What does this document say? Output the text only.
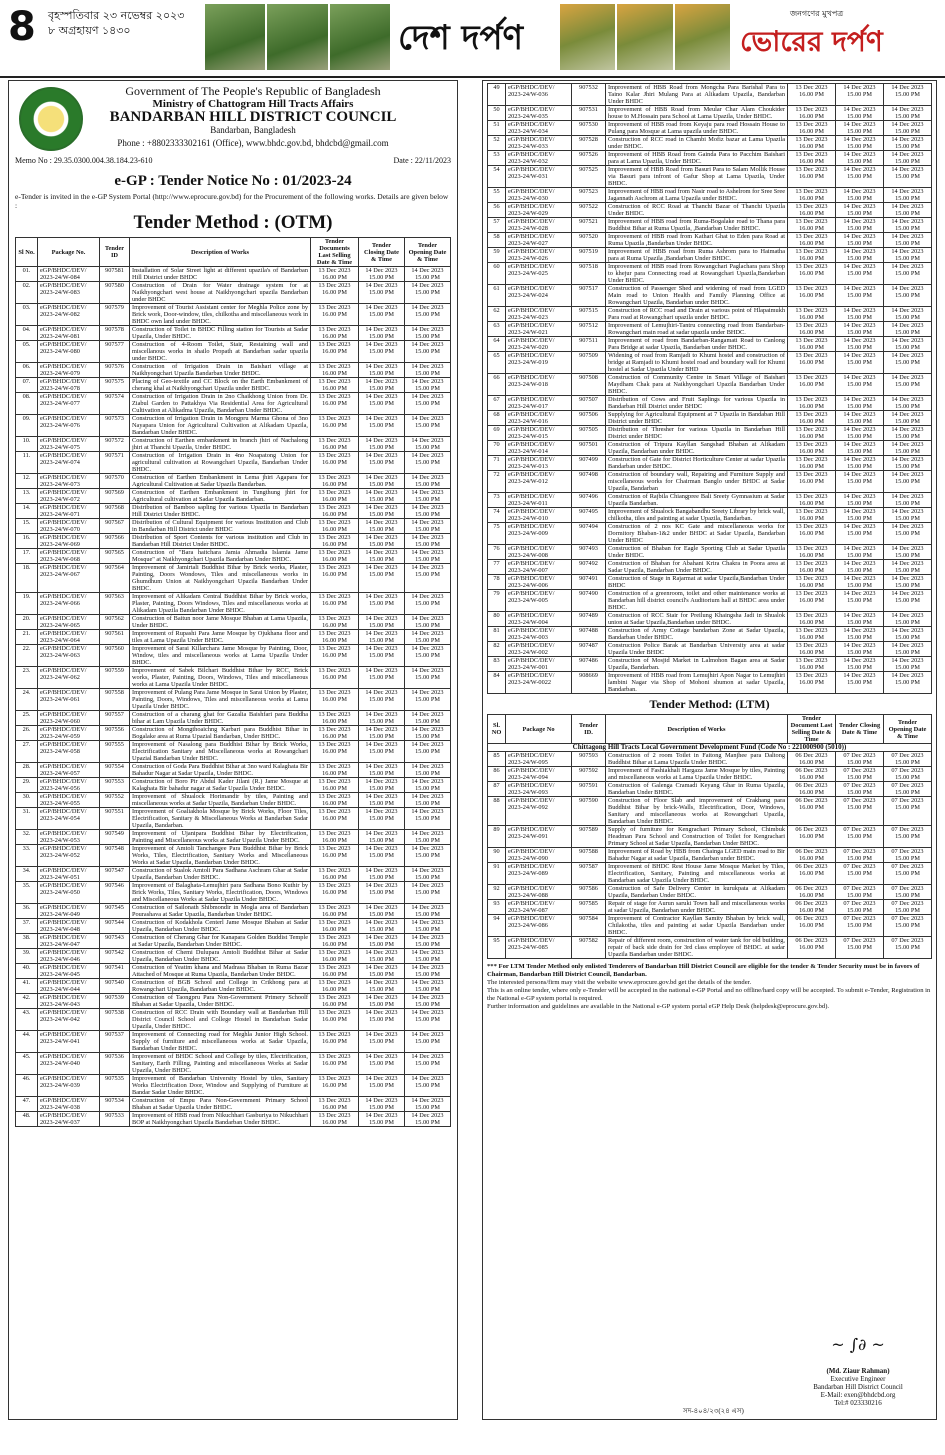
8	বৃহস্পতিবার ২৩ নভেম্বর ২০২৩
৮ অগ্রহায়ণ ১৪৩০	দেশ দর্পণ
জনগণের মুখপত্র
ভোরের দর্পণ
Government of The People's Republic of Bangladesh
Ministry of Chattogram Hill Tracts Affairs
BANDARBAN HILL DISTRICT COUNCIL
Bandarban, Bangladesh
Phone : +8802333302161 (Office), www.bhdc.gov.bd, bhdcbd@gmail.com
Memo No : 29.35.0300.004.38.184.23-610	Date : 22/11/2023
e-GP : Tender Notice No : 01/2023-24
e-Tender is invited in the e-GP System Portal (http://www.eprocure.gov.bd) for the Procurement of the following works. Details are given below :
Tender Method : (OTM)
Sl No.	Package No.	Tender ID	Description of Works	Tender Documents Last Selling Date & Time	Tender Closing Date & Time	Tender Opening Date & Time
01.	eGP/BHDC/DEV/ 2023-24/W-084	907581	Installation of Solar Street light at different upazila's of Bandarban Hill District under BHDC	13 Dec 2023 16.00 PM	14 Dec 2023 15.00 PM	14 Dec 2023 15.00 PM
02.	eGP/BHDC/DEV/ 2023-24/W-083	907580	Construction of Drain for Water drainage system for at Naikhyongchari west house at Naikhyongchari upazila Bandarban under BHDC	13 Dec 2023 16.00 PM	14 Dec 2023 15.00 PM	14 Dec 2023 15.00 PM
03.	eGP/BHDC/DEV/ 2023-24/W-082	907579	Improvement of Tourist Assistant center for Meghla Police zone by Brick work, Door-window, tiles, chilkotha and miscellaneous work in BHDC own land under BHDC.	13 Dec 2023 16.00 PM	14 Dec 2023 15.00 PM	14 Dec 2023 15.00 PM
04.	eGP/BHDC/DEV/ 2023-24/W-081	907578	Construction of Toilet in BHDC Filling station for Tourists at Sadar Upazila, Under BHDC.	13 Dec 2023 16.00 PM	14 Dec 2023 15.00 PM	14 Dec 2023 15.00 PM
05.	eGP/BHDC/DEV/ 2023-24/W-080	907577	Construction of 4-Room Toilet, Stair, Restaining wall and miscellanous works in shailo Propath at Bandarban sadar upazila under BHDC.	13 Dec 2023 16.00 PM	14 Dec 2023 15.00 PM	14 Dec 2023 15.00 PM
06.	eGP/BHDC/DEV/ 2023-24/W-079	907576	Construction of Irrigation Drain in Baishari village at Naikhyongchari Upazila Bandarban Under BHDC.	13 Dec 2023 16.00 PM	14 Dec 2023 15.00 PM	14 Dec 2023 15.00 PM
07.	eGP/BHDC/DEV/ 2023-24/W-078	907575	Placing of Geo-textile and CC Block on the Earth Embankment of cherang khal at Naikhyongchari Upazila under BHDC.	13 Dec 2023 16.00 PM	14 Dec 2023 15.00 PM	14 Dec 2023 15.00 PM
08.	eGP/BHDC/DEV/ 2023-24/W-077	907574	Construction of Irrigation Drain in 2no Chaikhong Union from Dr. Ziabul Garden to Pattakhya Via Residential Area for Agricultural Cultivation at Alikadma Upazila, Bandarban Under BHDC.	13 Dec 2023 16.00 PM	14 Dec 2023 15.00 PM	14 Dec 2023 15.00 PM
09.	eGP/BHDC/DEV/ 2023-24/W-076	907573	Construction of Irrigation Drain in Mongpru Marma Ghona of 3no Nayapara Union for Agricultural Cultivation at Alikadam Upazila, Bandarban Under BHDC.	13 Dec 2023 16.00 PM	14 Dec 2023 15.00 PM	14 Dec 2023 15.00 PM
10.	eGP/BHDC/DEV/ 2023-24/W-075	907572	Construction of Earthen embankment in branch jhiri of Nachalong jhiri at Thanchi Upazila, Under BHDC.	13 Dec 2023 16.00 PM	14 Dec 2023 15.00 PM	14 Dec 2023 15.00 PM
11.	eGP/BHDC/DEV/ 2023-24/W-074	907571	Construction of Irrigation Drain in 4no Noapatong Union for agricultural cultivation at Rowangchari Upazila, Bandarban Under BHDC.	13 Dec 2023 16.00 PM	14 Dec 2023 15.00 PM	14 Dec 2023 15.00 PM
12.	eGP/BHDC/DEV/ 2023-24/W-073	907570	Construction of Earthen Embankment in Lema jhiri Agapara for Agricultural Cultivation at Sadar Upazila Bandarban.	13 Dec 2023 16.00 PM	14 Dec 2023 15.00 PM	14 Dec 2023 15.00 PM
13.	eGP/BHDC/DEV/ 2023-24/W-072	907569	Construction of Earthen Embankment in Tungthung jhiri for Agricultural cultivation at Sadar Upazila Bandarban.	13 Dec 2023 16.00 PM	14 Dec 2023 15.00 PM	14 Dec 2023 15.00 PM
14.	eGP/BHDC/DEV/ 2023-24/W-071	907568	Distribution of Bamboo sapling for various Upazila in Bandarban Hill District Under BHDC.	13 Dec 2023 16.00 PM	14 Dec 2023 15.00 PM	14 Dec 2023 15.00 PM
15.	eGP/BHDC/DEV/ 2023-24/W-070	907567	Distribution of Cultural Equipment for various Institution and Club in Bandarban Hill District under BHDC	13 Dec 2023 16.00 PM	14 Dec 2023 15.00 PM	14 Dec 2023 15.00 PM
16.	eGP/BHDC/DEV/ 2023-24/W-069	907566	Distribution of Sport Contents for various institution and Club in Bandarban Hill District Under BHDC.	13 Dec 2023 16.00 PM	14 Dec 2023 15.00 PM	14 Dec 2023 15.00 PM
17.	eGP/BHDC/DEV/ 2023-24/W-068	907565	Construction of "Bara haitchara Jamia Ahmadia Islamia Jame Mosque" at Naikhyongchari Upazila Bandarban Under BHDC.	13 Dec 2023 16.00 PM	14 Dec 2023 15.00 PM	14 Dec 2023 15.00 PM
18.	eGP/BHDC/DEV/ 2023-24/W-067	907564	Improvement of Jamirtali Buddhist Bihar by Brick works, Plaster, Painting, Doors Wondows, Tiles and miscellaneous works in Ghumdhum Union at Naikhyongchari Upazila Bandarban Under BHDC.	13 Dec 2023 16.00 PM	14 Dec 2023 15.00 PM	14 Dec 2023 15.00 PM
19.	eGP/BHDC/DEV/ 2023-24/W-066	907563	Improvement of Alikadam Central Buddhist Bihar by Brick works, Plaster, Painting, Doors Windows, Tiles and miscellaneous works at Alikadam Upazila Bandarban Under BHDC.	13 Dec 2023 16.00 PM	14 Dec 2023 15.00 PM	14 Dec 2023 15.00 PM
20.	eGP/BHDC/DEV/ 2023-24/W-065	907562	Construction of Baitun noor Jame Mosque Bhaban at Lama Upazila, Under BHDC.	13 Dec 2023 16.00 PM	14 Dec 2023 15.00 PM	14 Dec 2023 15.00 PM
21.	eGP/BHDC/DEV/ 2023-24/W-064	907561	Improvement of Rupashi Para Jame Mosque by Ojukhana floor and tiles at Lama Upazila Under BHDC.	13 Dec 2023 16.00 PM	14 Dec 2023 15.00 PM	14 Dec 2023 15.00 PM
22.	eGP/BHDC/DEV/ 2023-24/W-063	907560	Improvement of Sarai Killarchara Jame Mosque by Painting, Door, Window, tiles and miscellaneous works at Lama Upazila Under BHDC.	13 Dec 2023 16.00 PM	14 Dec 2023 15.00 PM	14 Dec 2023 15.00 PM
23.	eGP/BHDC/DEV/ 2023-24/W-062	907559	Improvement of Sabek Bilchari Buddhist Bihar by RCC, Brick works, Plaster, Painting, Doors, Windows, Tiles and miscellaneous works at Lama Upazila Under BHDC.	13 Dec 2023 16.00 PM	14 Dec 2023 15.00 PM	14 Dec 2023 15.00 PM
24.	eGP/BHDC/DEV/ 2023-24/W-061	907558	Improvement of Pulang Para Jame Mosque in Sarai Union by Plaster, Painting, Doors, Windows, Tiles and miscellaneous works at Lama Upazila Under BHDC.	13 Dec 2023 16.00 PM	14 Dec 2023 15.00 PM	14 Dec 2023 15.00 PM
25.	eGP/BHDC/DEV/ 2023-24/W-060	907557	Construction of a charang ghat for Gazalia Baishfari para Buddha bihar at Lam Upazila Under BHDC.	13 Dec 2023 16.00 PM	14 Dec 2023 15.00 PM	14 Dec 2023 15.00 PM
26.	eGP/BHDC/DEV/ 2023-24/W-059	907556	Construction of Mongthoaichng Karbari para Buddhist Bihar in Bogalake area at Ruma Upazial Bandarban, Under BHDC.	13 Dec 2023 16.00 PM	14 Dec 2023 15.00 PM	14 Dec 2023 15.00 PM
27.	eGP/BHDC/DEV/ 2023-24/W-058	907555	Improvement of Nasalong para Buddhist Bihar by Brick Works, Electrification Sanitary and Miscellaneous works at Rowangchari Upazial Bandarban Under BHDC.	13 Dec 2023 16.00 PM	14 Dec 2023 15.00 PM	14 Dec 2023 15.00 PM
28.	eGP/BHDC/DEV/ 2023-24/W-057	907554	Construction of Goda Para Buddhist Bihar at 3no ward Kalaghata Bir Bahadur Nagar at Sadar Upazila, Under BHDC.	13 Dec 2023 16.00 PM	14 Dec 2023 15.00 PM	14 Dec 2023 15.00 PM
29.	eGP/BHDC/DEV/ 2023-24/W-056	907553	Construction of Boro Pir Abdul Kader Jilani (R.) Jame Mosque at Kalaghata Bir bahadur nagar at Sadar Upazila Under BHDC.	13 Dec 2023 16.00 PM	14 Dec 2023 15.00 PM	14 Dec 2023 15.00 PM
30.	eGP/BHDC/DEV/ 2023-24/W-055	907552	Improvement of Shualock Horimandir by tiles, Painting and miscellaneous works at Sadar Upazila, Bandarban Under BHDC.	13 Dec 2023 16.00 PM	14 Dec 2023 15.00 PM	14 Dec 2023 15.00 PM
31.	eGP/BHDC/DEV/ 2023-24/W-054	907551	Improvement of Goaliakhola Mosque by Brick Works, Floor Tiles, Electrification, Sanitary & Miscellaneous Works at Bandarban Sadar Upazila, Bandarban.	13 Dec 2023 16.00 PM	14 Dec 2023 15.00 PM	14 Dec 2023 15.00 PM
32.	eGP/BHDC/DEV/ 2023-24/W-053	907549	Improvement of Ujanipara Buddhist Bihar by Electrification, Painting and Miscellaneous works at Sadar Upazila Under BHDC.	13 Dec 2023 16.00 PM	14 Dec 2023 15.00 PM	14 Dec 2023 15.00 PM
33.	eGP/BHDC/DEV/ 2023-24/W-052	907548	Improvement of Amtoli Tanchangee Para Buddhist Bihar by Brick Works, Tiles, Electrification, Sanitary Works and Miscellaneous Works at Sadar Upazila, Bandarban Under BHDC.	13 Dec 2023 16.00 PM	14 Dec 2023 15.00 PM	14 Dec 2023 15.00 PM
34.	eGP/BHDC/DEV/ 2023-24/W-051	907547	Construction of Sualok Amtoli Para Sadhana Aschram Ghar at Sadar Upazila, Bandarban Under BHDC.	13 Dec 2023 16.00 PM	14 Dec 2023 15.00 PM	14 Dec 2023 15.00 PM
35.	eGP/BHDC/DEV/ 2023-24/W-050	907546	Improvement of Balaghata-Lemujhiri para Sadhana Bono Kuthir by Brick Works, Tiles, Sanitary Works, Electrification, Doors, Windows and Miscellaneous Works at Sadar Upazila Under BHDC.	13 Dec 2023 16.00 PM	14 Dec 2023 15.00 PM	14 Dec 2023 15.00 PM
36.	eGP/BHDC/DEV/ 2023-24/W-049	907545	Construction of Sailonath Shibmondir in Mogla area of Bandarban Pourashava at Sadar Upazila, Bandarban Under BHDC.	13 Dec 2023 16.00 PM	14 Dec 2023 15.00 PM	14 Dec 2023 15.00 PM
37.	eGP/BHDC/DEV/ 2023-24/W-048	907544	Construction of Kodakhola Centerl Jame Mosque Bhaban at Sadar Upazila, Bandarban Under BHDC.	13 Dec 2023 16.00 PM	14 Dec 2023 15.00 PM	14 Dec 2023 15.00 PM
38.	eGP/BHDC/DEV/ 2023-24/W-047	907543	Construction of Cherang Ghar for Kanapara Golden Buddist Temple at Sadar Upazila, Bandarban Under BHDC.	13 Dec 2023 16.00 PM	14 Dec 2023 15.00 PM	14 Dec 2023 15.00 PM
39.	eGP/BHDC/DEV/ 2023-24/W-046	907542	Construction of Chemi Dulupara Amtoli Buddhist Bihar at Sadar Upazila, Bandarban Under BHDC.	13 Dec 2023 16.00 PM	14 Dec 2023 15.00 PM	14 Dec 2023 15.00 PM
40.	eGP/BHDC/DEV/ 2023-24/W-045	907541	Construction of Yeatim khana and Madrasa Bhaban in Ruma Bazar Attached of Mosque at Ruma Upazila, Bandarban Under BHDC.	13 Dec 2023 16.00 PM	14 Dec 2023 15.00 PM	14 Dec 2023 15.00 PM
41.	eGP/BHDC/DEV/ 2023-24/W-044	907540	Construction of BGB School and College in Crikhong para at Rowangchari Upazila, Bandarban Under BHDC.	13 Dec 2023 16.00 PM	14 Dec 2023 15.00 PM	14 Dec 2023 15.00 PM
42.	eGP/BHDC/DEV/ 2023-24/W-043	907539	Construction of Taongpru Para Non-Government Primery Schoolf Bhaban at Sadar Upazila, Under BHDC.	13 Dec 2023 16.00 PM	14 Dec 2023 15.00 PM	14 Dec 2023 15.00 PM
43.	eGP/BHDC/DEV/ 2023-24/W-042	907538	Construction of RCC Drain with Boundary wall at Bandarban Hill District Council School and College Hostel in Bandarban Sadar Upazila, Under BHDC.	13 Dec 2023 16.00 PM	14 Dec 2023 15.00 PM	14 Dec 2023 15.00 PM
44.	eGP/BHDC/DEV/ 2023-24/W-041	907537	Improvement of Connecting road for Meghla Junior High School. Supply of furniture and miscellaneous works at Sadar Upazila, Bandarban Under BHDC.	13 Dec 2023 16.00 PM	14 Dec 2023 15.00 PM	14 Dec 2023 15.00 PM
45.	eGP/BHDC/DEV/ 2023-24/W-040	907536	Improvement of BHDC School and College by tiles, Electrification, Sanitary, Earth Filling, Painting and miscellaneous Works at Sadar Upazila, Under BHDC.	13 Dec 2023 16.00 PM	14 Dec 2023 15.00 PM	14 Dec 2023 15.00 PM
46.	eGP/BHDC/DEV/ 2023-24/W-039	907535	Improvement of Bandarban University Hostel by tiles, Sanitary Works Electrification Door, Window and Supplying of Furniture at Bandar Sadar Under BHDC.	13 Dec 2023 16.00 PM	14 Dec 2023 15.00 PM	14 Dec 2023 15.00 PM
47.	eGP/BHDC/DEV/ 2023-24/W-038	907534	Construction of Empu Para Non-Government Primary School Bhaban at Sadar Upazila Under BHDC.	13 Dec 2023 16.00 PM	14 Dec 2023 15.00 PM	14 Dec 2023 15.00 PM
48.	eGP/BHDC/DEV/ 2023-24/W-037	907533	Improvement of HBB road from Nikuchhari Gasburiya to Nikuchhari BOP at Naikhyongchari Upazila Bandarban Under BHDC.	13 Dec 2023 16.00 PM	14 Dec 2023 15.00 PM	14 Dec 2023 15.00 PM
49	eGP/BHDC/DEV/ 2023-24/W-036	907532	Improvement of HBB Road from Mongcha Para Barishal Para to Taino Kalar Jhiri Mulang Para at Alikadam Upazila, Bandarban Under BHDC	13 Dec 2023 16.00 PM	14 Dec 2023 15.00 PM	14 Dec 2023 15.00 PM
50	eGP/BHDC/DEV/ 2023-24/W-035	907531	Improvement of HBB Road from Meular Char Alam Choukider house to M.Hossain para School at Lama Upazila, Under BHDC.	13 Dec 2023 16.00 PM	14 Dec 2023 15.00 PM	14 Dec 2023 15.00 PM
51	eGP/BHDC/DEV/ 2023-24/W-034	907530	Improvement of HBB road from Keyaju para road Hossain House to Pulang para Mosque at Lama upazila under BHDC.	13 Dec 2023 16.00 PM	14 Dec 2023 15.00 PM	14 Dec 2023 15.00 PM
52	eGP/BHDC/DEV/ 2023-24/W-033	907528	Construction of RCC road in Chambi Mofiz bazar at Lama Upazila under BHDC.	13 Dec 2023 16.00 PM	14 Dec 2023 15.00 PM	14 Dec 2023 15.00 PM
53	eGP/BHDC/DEV/ 2023-24/W-032	907526	Improvement of HBB Road from Gainda Para to Pacchim Baishari para at Lama Upazila, Under BHDC.	13 Dec 2023 16.00 PM	14 Dec 2023 15.00 PM	14 Dec 2023 15.00 PM
54	eGP/BHDC/DEV/ 2023-24/W-031	907525	Improvement of HBB Road from Basuri Para to Salam Mollik House via Basuri para infront of Gafur Shop at Lama Upazila, Under BHDC.	13 Dec 2023 16.00 PM	14 Dec 2023 15.00 PM	14 Dec 2023 15.00 PM
55	eGP/BHDC/DEV/ 2023-24/W-030	907523	Improvement of HBB road from Nasir road to Ashelrom for Sree Sree Jagannath Aschrom at Lama Upazila under BHDC.	13 Dec 2023 16.00 PM	14 Dec 2023 15.00 PM	14 Dec 2023 15.00 PM
56	eGP/BHDC/DEV/ 2023-24/W-029	907522	Construction of RCC Road at Thanchi Bazar of Thanchi Upazila Under BHDC.	13 Dec 2023 16.00 PM	14 Dec 2023 15.00 PM	14 Dec 2023 15.00 PM
57	eGP/BHDC/DEV/ 2023-24/W-028	907521	Improvement of HBB road from Ruma-Bogalake road to Thana para Buddhist Bihar at Ruma Upazila, ,Bandarban Under BHDC.	13 Dec 2023 16.00 PM	14 Dec 2023 15.00 PM	14 Dec 2023 15.00 PM
58	eGP/BHDC/DEV/ 2023-24/W-027	907520	Improvement of HBB road from Kathari Ghat to Eden para Road at Ruma Upazila ,Bandarban Under BHDC.	13 Dec 2023 16.00 PM	14 Dec 2023 15.00 PM	14 Dec 2023 15.00 PM
59	eGP/BHDC/DEV/ 2023-24/W-026	907519	Improvement of HBB road from Ruma Ashrom para to Haimatha para at Ruma Upazila ,Bandarban Under BHDC.	13 Dec 2023 16.00 PM	14 Dec 2023 15.00 PM	14 Dec 2023 15.00 PM
60	eGP/BHDC/DEV/ 2023-24/W-025	907518	Improvement of HBB road from Rowangchari Paglachara para Shop to khejur para Connecting road at Rowangchari Upazila,Bandarban Under BHDC.	13 Dec 2023 16.00 PM	14 Dec 2023 15.00 PM	14 Dec 2023 15.00 PM
61	eGP/BHDC/DEV/ 2023-24/W-024	907517	Construction of Passenger Shed and widening of road from LGED Main road to Union Health and Family Planning Office at Rowangchari Upazila, Bandarban under BHDC.	13 Dec 2023 16.00 PM	14 Dec 2023 15.00 PM	14 Dec 2023 15.00 PM
62	eGP/BHDC/DEV/ 2023-24/W-023	907515	Construction of RCC road and Drain at various point of Hlapaimukh Para road at Rowangchari upazila under BHDC.	13 Dec 2023 16.00 PM	14 Dec 2023 15.00 PM	14 Dec 2023 15.00 PM
63	eGP/BHDC/DEV/ 2023-24/W-021	907512	Improvement of Lemujhiri-Tantru connecting road from Bandarban-Rowangchari main road at sadar upazila under BHDC.	13 Dec 2023 16.00 PM	14 Dec 2023 15.00 PM	14 Dec 2023 15.00 PM
64	eGP/BHDC/DEV/ 2023-24/W-020	907511	Improvement of road from Bandarban-Rangamati Road to Canlong Para Bridge at sadar Upazila, Bandarban under BHDC.	13 Dec 2023 16.00 PM	14 Dec 2023 15.00 PM	14 Dec 2023 15.00 PM
65	eGP/BHDC/DEV/ 2023-24/W-019	907509	Widening of road from Ramjadi to Khumi hostel and construction of bridge at Ramjadi to Khumi hostel road and boundary wall for Khumi hostel at Sadar Upazila Under BHD	13 Dec 2023 16.00 PM	14 Dec 2023 15.00 PM	14 Dec 2023 15.00 PM
66	eGP/BHDC/DEV/ 2023-24/W-018	907508	Construction of Community Centre in Smart Village of Baishari Maydham Chak para at Naikhyongchari Upazila Bandarban Under BHDC.	13 Dec 2023 16.00 PM	14 Dec 2023 15.00 PM	14 Dec 2023 15.00 PM
67	eGP/BHDC/DEV/ 2023-24/W-017	907507	Distribution of Cows and Fruit Saplings for various Upazila in Bandarban Hill District under BHDC	13 Dec 2023 16.00 PM	14 Dec 2023 15.00 PM	14 Dec 2023 15.00 PM
68	eGP/BHDC/DEV/ 2023-24/W-016	907506	Supplying for Agricultural Equipment at 7 Upazila in Bandaban Hill District under BHDC	13 Dec 2023 16.00 PM	14 Dec 2023 15.00 PM	14 Dec 2023 15.00 PM
69	eGP/BHDC/DEV/ 2023-24/W-015	907505	Distribution of Thresher for various Upazila in Bandarban Hill District under BHDC	13 Dec 2023 16.00 PM	14 Dec 2023 15.00 PM	14 Dec 2023 15.00 PM
70	eGP/BHDC/DEV/ 2023-24/W-014	907501	Construction of Tripura Kayllan Sangshad Bhaban at Alikadam Upazila, Bandarban under BHDC.	13 Dec 2023 16.00 PM	14 Dec 2023 15.00 PM	14 Dec 2023 15.00 PM
71	eGP/BHDC/DEV/ 2023-24/W-013	907499	Construction of Gate for District Horticulture Center at sadar Upazila Bandarban under BHDC.	13 Dec 2023 16.00 PM	14 Dec 2023 15.00 PM	14 Dec 2023 15.00 PM
72	eGP/BHDC/DEV/ 2023-24/W-012	907498	Construction of boundary wall, Repairing and Furniture Supply and miscellaneous works for Chairman Banglo under BHDC at Sadar Upazila, Bandarban	13 Dec 2023 16.00 PM	14 Dec 2023 15.00 PM	14 Dec 2023 15.00 PM
73	eGP/BHDC/DEV/ 2023-24/W-011	907496	Construction of Rajbila Chiangpree Bali Sreety Gymnasium at Sadar Upazila Bandarban.	13 Dec 2023 16.00 PM	14 Dec 2023 15.00 PM	14 Dec 2023 15.00 PM
74	eGP/BHDC/DEV/ 2023-24/W-010	907495	Improvement of Shualock Bangabandhu Sreety Library by brick wall, chilkotha, tiles and painting at sadar Upazila, Bandarban.	13 Dec 2023 16.00 PM	14 Dec 2023 15.00 PM	14 Dec 2023 15.00 PM
75	eGP/BHDC/DEV/ 2023-24/W-009	907494	Construction of 2 nos KC Gate and miscellaneous works for Dormitory Bhaban-1&2 under BHDC at Sadar Upazila, Bandarban Under BHDC	13 Dec 2023 16.00 PM	14 Dec 2023 15.00 PM	14 Dec 2023 15.00 PM
76	eGP/BHDC/DEV/ 2023-24/W-008	907493	Construction of Bhaban for Eagle Sporting Club at Sadar Upazila Under BHDC.	13 Dec 2023 16.00 PM	14 Dec 2023 15.00 PM	14 Dec 2023 15.00 PM
77	eGP/BHDC/DEV/ 2023-24/W-007	907492	Construction of Bhaban for Abahani Krira Chakra in Poora area at Sadar Upazila, Bandarban Under BHDC.	13 Dec 2023 16.00 PM	14 Dec 2023 15.00 PM	14 Dec 2023 15.00 PM
78	eGP/BHDC/DEV/ 2023-24/W-006	907491	Construction of Stage in Rajarmat at sadar Upazila,Bandarban Under BHDC	13 Dec 2023 16.00 PM	14 Dec 2023 15.00 PM	14 Dec 2023 15.00 PM
79	eGP/BHDC/DEV/ 2023-24/W-005	907490	Construction of a greenroom, toilet and other maintenance works at Bandarban hill district council's Auditorium hall at BHDC area under BHDC.	13 Dec 2023 16.00 PM	14 Dec 2023 15.00 PM	14 Dec 2023 15.00 PM
80	eGP/BHDC/DEV/ 2023-24/W-004	907489	Construction of RCC Stair for Preilung Khaingsha Jadi in Shualok union at Sadar Upazila,Bandarban under BHDC.	13 Dec 2023 16.00 PM	14 Dec 2023 15.00 PM	14 Dec 2023 15.00 PM
81	eGP/BHDC/DEV/ 2023-24/W-003	907488	Construction of Army Cottage bandarban Zone at Sadar Upazila, Bandarban Under BHDC.	13 Dec 2023 16.00 PM	14 Dec 2023 15.00 PM	14 Dec 2023 15.00 PM
82	eGP/BHDC/DEV/ 2023-24/W-002	907487	Construction Police Barak at Bandarban University area at sadar Upazila Under BHDC	13 Dec 2023 16.00 PM	14 Dec 2023 15.00 PM	14 Dec 2023 15.00 PM
83	eGP/BHDC/DEV/ 2023-24/W-001	907486	Construction of Mosjid Market in Lalmohon Bagan area at Sadar Upazila, Bandarban.	13 Dec 2023 16.00 PM	14 Dec 2023 15.00 PM	14 Dec 2023 15.00 PM
84	eGP/BHDC/DEV/ 2023-24/W-0022	908669	Improvement of HBB road from Lemujhiri Apon Nagar to Lemujhiri lambini Nagar via Shop of Mohoni shumon at sadar Upazila, Bandarban.	13 Dec 2023 16.00 PM	14 Dec 2023 15.00 PM	14 Dec 2023 15.00 PM
Tender Method: (LTM)
Sl. NO	Package No	Tender ID.	Description of Works	Tender Document Last Selling Date & Time	Tender Closing Date & Time	Tender Opening Date & Time
Chittagong Hill Tracts Local Government Development Fund (Code No : 221000900 (5010))						
85	eGP/BHDC/DEV/ 2023-24/W-095	907593	Construction of 2 room Toilet in Faitong Manjhee para Daltong Buddhist Bihar at Lama Upazila Under BHDC.	06 Dec 2023 16.00 PM	07 Dec 2023 15.00 PM	07 Dec 2023 15.00 PM
86	eGP/BHDC/DEV/ 2023-24/W-094	907592	Improvement of Fashiakhali Hargaza Jame Mosque by tiles, Painting and miscellaneous works at Lama Upazila Under BHDC.	06 Dec 2023 16.00 PM	07 Dec 2023 15.00 PM	07 Dec 2023 15.00 PM
87	eGP/BHDC/DEV/ 2023-24/W-093	907591	Construction of Galenga Cramadi Keyang Ghar in Ruma Upazila, Bandarban Under BHDC.	06 Dec 2023 16.00 PM	07 Dec 2023 15.00 PM	07 Dec 2023 15.00 PM
88	eGP/BHDC/DEV/ 2023-24/W-092	907590	Construction of Floor Slab and improvement of Crakhang para Buddhist Bihar by brick-Walls, Electrification, Door, Windows, Sanitary and miscellaneous works at Rowangchari Upazila, Bandarban Under BHDC.	06 Dec 2023 16.00 PM	07 Dec 2023 15.00 PM	07 Dec 2023 15.00 PM
89	eGP/BHDC/DEV/ 2023-24/W-091	907589	Supply of furniture for Kengrachari Primary School, Chimbuk Headman Para School and Construction of Toilet for Kengrachari Primary School at Sadar Upazila, Bandarban Under BHDC.	06 Dec 2023 16.00 PM	07 Dec 2023 15.00 PM	07 Dec 2023 15.00 PM
90	eGP/BHDC/DEV/ 2023-24/W-090	907588	Improvement of Road by HBB from Chainga LGED main road to Bir Bahadur Nagar at sadar Upazila, Bandarban under BHDC.	06 Dec 2023 16.00 PM	07 Dec 2023 15.00 PM	07 Dec 2023 15.00 PM
91	eGP/BHDC/DEV/ 2023-24/W-089	907587	Improvement of BHDC Rest House Jame Mosque Market by Tiles, Electrification, Sanitary, Painting and miscellaneous works at Bandarban sadar Upazila Under BHDC.	06 Dec 2023 16.00 PM	07 Dec 2023 15.00 PM	07 Dec 2023 15.00 PM
92	eGP/BHDC/DEV/ 2023-24/W-088	907586	Construction of Safe Delivery Center in kurukpata at Alikadam Upazila, Bandarban Under BHDC.	06 Dec 2023 16.00 PM	07 Dec 2023 15.00 PM	07 Dec 2023 15.00 PM
93	eGP/BHDC/DEV/ 2023-24/W-087	907585	Repair of stage for Aurun saruki Town hall and miscellaneous works at sadar Upazila, Bandarban under BHDC.	06 Dec 2023 16.00 PM	07 Dec 2023 15.00 PM	07 Dec 2023 15.00 PM
94	eGP/BHDC/DEV/ 2023-24/W-086	907584	Improvement of Contractor Kayllan Samity Bhaban by brick wall, Chilakotha, tiles and painting at sadar Upazila Bandarban under BHDC.	06 Dec 2023 16.00 PM	07 Dec 2023 15.00 PM	07 Dec 2023 15.00 PM
95	eGP/BHDC/DEV/ 2023-24/W-085	907582	Repair of different room, construction of water tank for old building, repair of back side drain for 3rd class employee of BHDC. at sadar Upazila Bandarban under BHDC.	06 Dec 2023 16.00 PM	07 Dec 2023 15.00 PM	07 Dec 2023 15.00 PM
*** For LTM Tender Method only enlisted Tenderers of Bandarban Hill District Council are eligible for the tender & Tender Security must be in favors of Chairman, Bandarban Hill District Council, Bandarban.
The interested persons/firm may visit the website www.eprocure.gov.bd get the details of the tender.
This is an online tender, where only e-Tender will be accepted in the national e-GP Portal and no offline/hard copy will be accepted. To submit e-Tender, Registration in the National e-GP system portal is required.
Further information and guidelines are available in the National e-GP system portal eGP Help Desk (helpdesk@eprocure.gov.bd).
~ ∫∂ ~
(Md. Ziaur Rahman)
Executive Engineer
Bandarban Hill District Council
E-Mail: exen@bhdcbd.org
Tel:# 023330216
সদ-৪০৪/২৩(২৪ এস)
